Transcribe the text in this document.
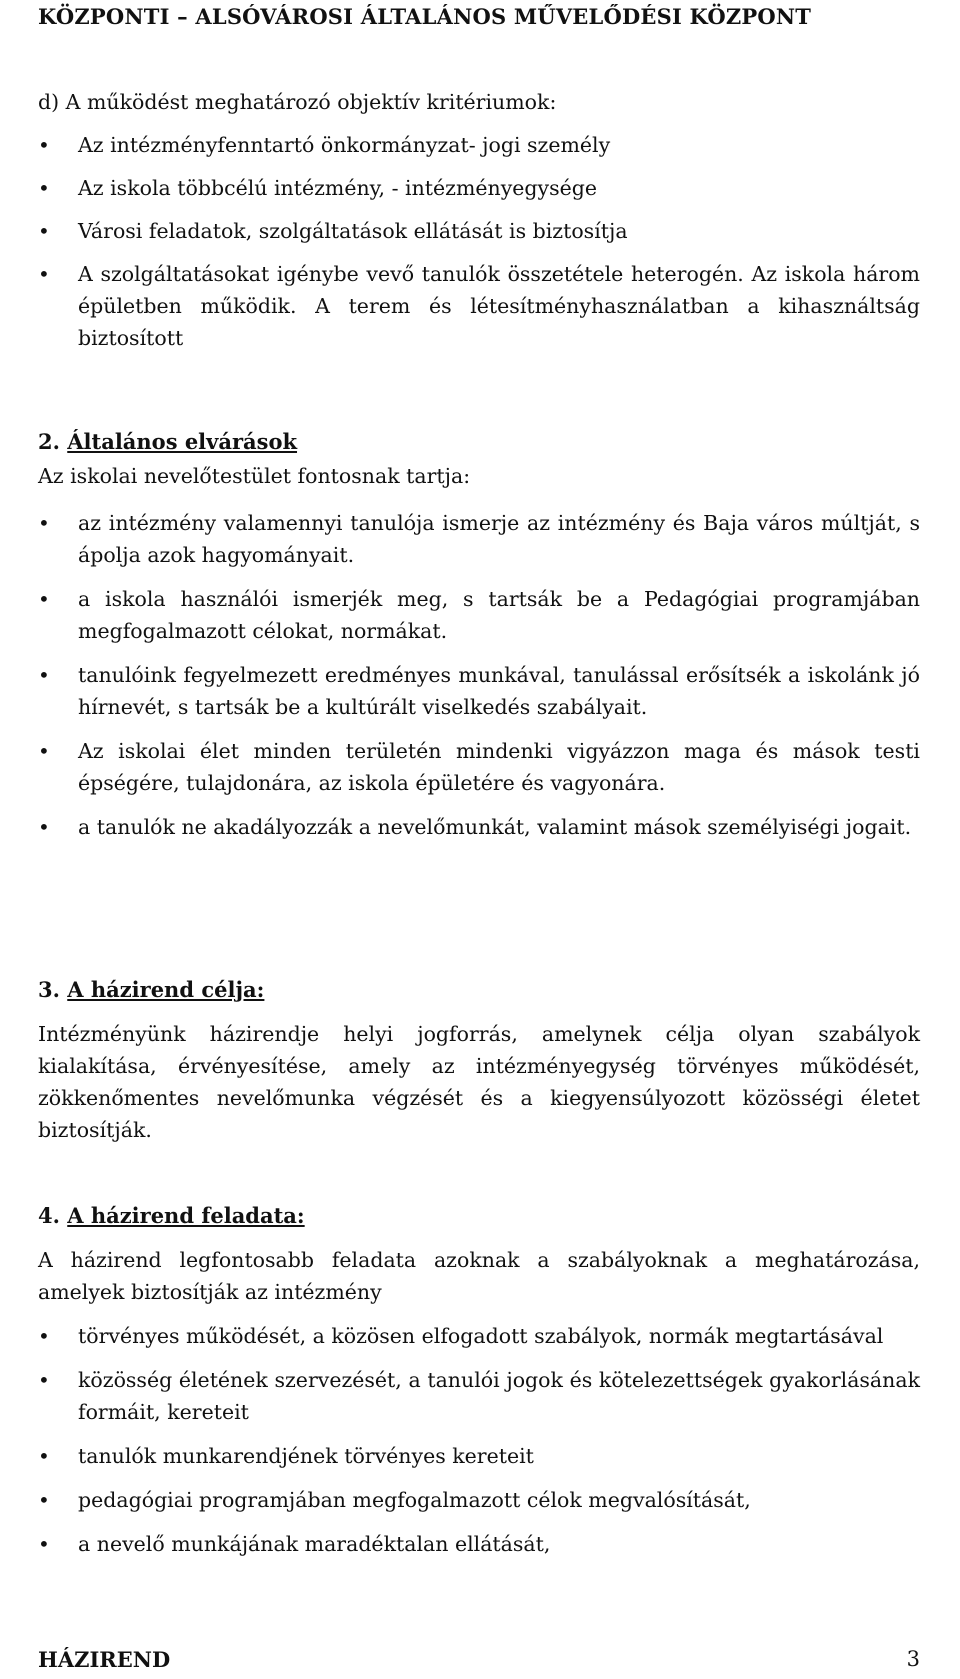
KÖZPONTI – ALSÓVÁROSI ÁLTALÁNOS MŰVELŐDÉSI KÖZPONT
d) A működést meghatározó objektív kritériumok:
• Az intézményfenntartó önkormányzat- jogi személy
• Az iskola többcélú intézmény, - intézményegysége
• Városi feladatok, szolgáltatások ellátását is biztosítja
• A szolgáltatásokat igénybe vevő tanulók összetétele heterogén. Az iskola három épületben működik. A terem és létesítményhasználatban a kihasználtság biztosított
2. Általános elvárások
Az iskolai nevelőtestület fontosnak tartja:
• az intézmény valamennyi tanulója ismerje az intézmény és Baja város múltját, s ápolja azok hagyományait.
• a iskola használói ismerjék meg, s tartsák be a Pedagógiai programjában megfogalmazott célokat, normákat.
• tanulóink fegyelmezett eredményes munkával, tanulással erősítsék a iskolánk jó hírnevét, s tartsák be a kultúrált viselkedés szabályait.
• Az iskolai élet minden területén mindenki vigyázzon maga és mások testi épségére, tulajdonára, az iskola épületére és vagyonára.
• a tanulók ne akadályozzák a nevelőmunkát, valamint mások személyiségi jogait.
3. A házirend célja:
Intézményünk házirendje helyi jogforrás, amelynek célja olyan szabályok kialakítása, érvényesítése, amely az intézményegység törvényes működését, zökkenőmentes nevelőmunka végzését és a kiegyensúlyozott közösségi életet biztosítják.
4. A házirend feladata:
A házirend legfontosabb feladata azoknak a szabályoknak a meghatározása, amelyek biztosítják az intézmény
• törvényes működését, a közösen elfogadott szabályok, normák megtartásával
• közösség életének szervezését, a tanulói jogok és kötelezettségek gyakorlásának formáit, kereteit
• tanulók munkarendjének törvényes kereteit
• pedagógiai programjában megfogalmazott célok megvalósítását,
• a nevelő munkájának maradéktalan ellátását,
HÁZIREND	3
